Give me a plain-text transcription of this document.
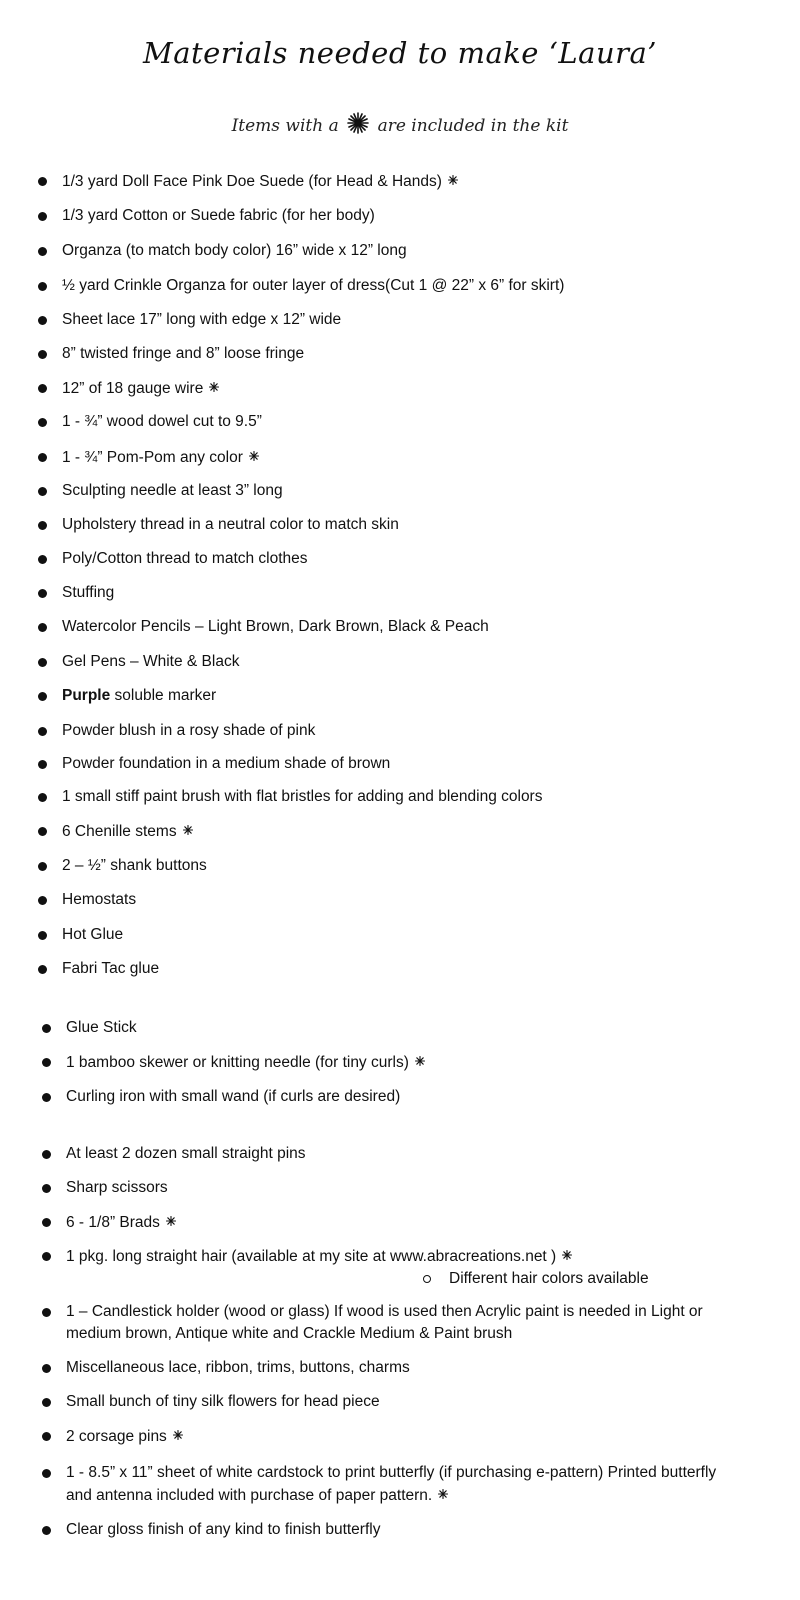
Materials needed to make ‘Laura’
Items with a are included in the kit
1/3 yard Doll Face Pink Doe Suede (for Head & Hands)
1/3 yard Cotton or Suede fabric (for her body)
Organza (to match body color) 16” wide x 12” long
½ yard Crinkle Organza for outer layer of dress(Cut 1 @ 22” x 6” for skirt)
Sheet lace 17” long with edge x 12” wide
8” twisted fringe and 8” loose fringe
12” of 18 gauge wire
1 - ¾” wood dowel cut to 9.5”
1 - ¾” Pom-Pom any color
Sculpting needle at least 3” long
Upholstery thread in a neutral color to match skin
Poly/Cotton thread to match clothes
Stuffing
Watercolor Pencils – Light Brown, Dark Brown, Black & Peach
Gel Pens – White & Black
Purple soluble marker
Powder blush in a rosy shade of pink
Powder foundation in a medium shade of brown
1 small stiff paint brush with flat bristles for adding and blending colors
6 Chenille stems
2 – ½” shank buttons
Hemostats
Hot Glue
Fabri Tac glue
Glue Stick
1 bamboo skewer or knitting needle (for tiny curls)
Curling iron with small wand (if curls are desired)
At least 2 dozen small straight pins
Sharp scissors
6 - 1/8” Brads
1 pkg. long straight hair (available at my site at www.abracreations.net )
Different hair colors available
1 – Candlestick holder (wood or glass) If wood is used then Acrylic paint is needed in Light or
medium brown, Antique white and Crackle Medium & Paint brush
Miscellaneous lace, ribbon, trims, buttons, charms
Small bunch of tiny silk flowers for head piece
2 corsage pins
1 - 8.5” x 11” sheet of white cardstock to print butterfly (if purchasing e-pattern) Printed butterfly
and antenna included with purchase of paper pattern.
Clear gloss finish of any kind to finish butterfly
